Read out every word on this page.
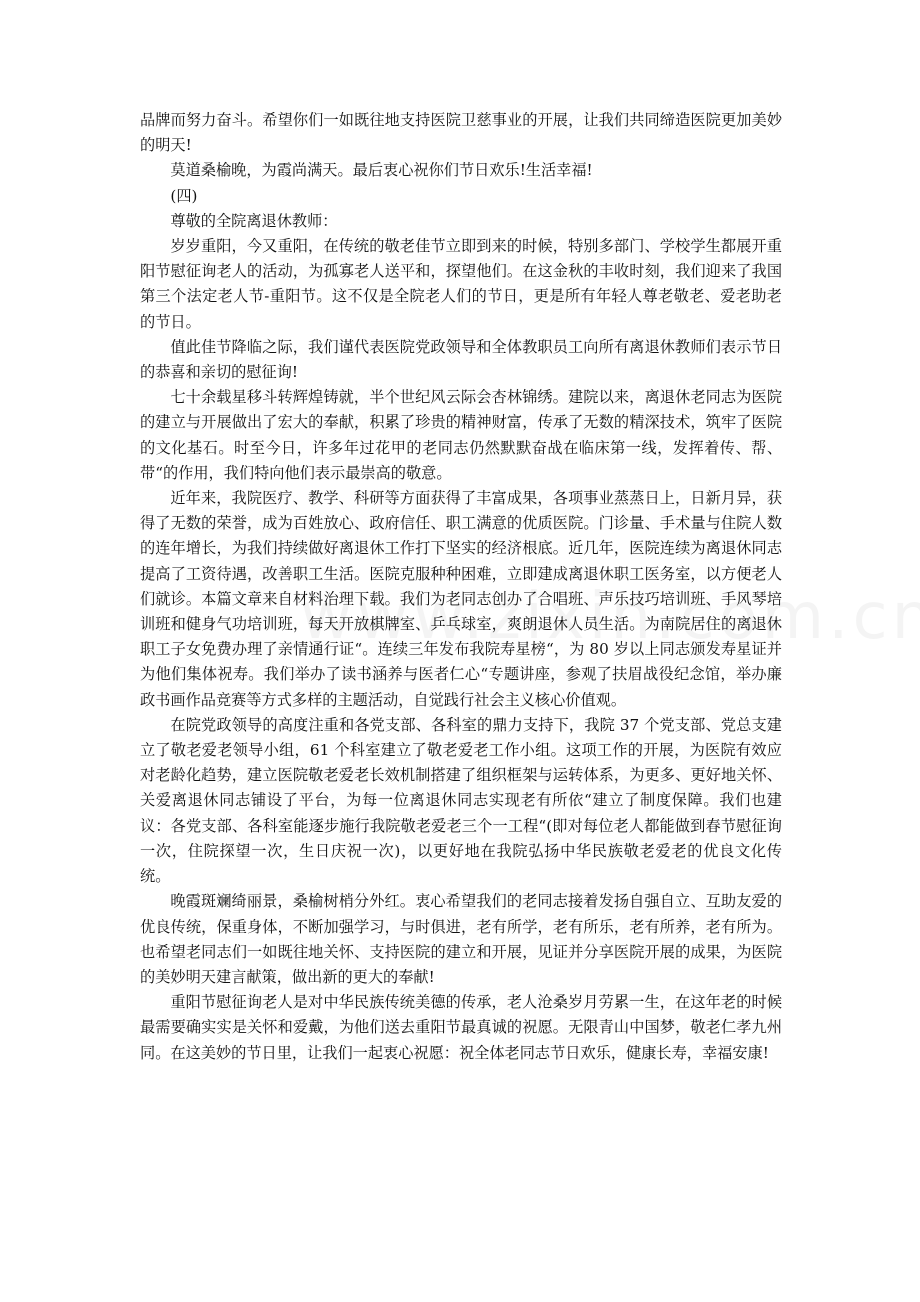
品牌而努力奋斗。希望你们一如既往地支持医院卫慈事业的开展，让我们共同缔造医院更加美妙的明天!

莫道桑榆晚，为霞尚满天。最后衷心祝你们节日欢乐!生活幸福!

(四)

尊敬的全院离退休教师：

岁岁重阳，今又重阳，在传统的敬老佳节立即到来的时候，特别多部门、学校学生都展开重阳节慰征询老人的活动，为孤寡老人送平和，探望他们。在这金秋的丰收时刻，我们迎来了我国第三个法定老人节-重阳节。这不仅是全院老人们的节日，更是所有年轻人尊老敬老、爱老助老的节日。

值此佳节降临之际，我们谨代表医院党政领导和全体教职员工向所有离退休教师们表示节日的恭喜和亲切的慰征询!

七十余载星移斗转辉煌铸就，半个世纪风云际会杏林锦绣。建院以来，离退休老同志为医院的建立与开展做出了宏大的奉献，积累了珍贵的精神财富，传承了无数的精深技术，筑牢了医院的文化基石。时至今日，许多年过花甲的老同志仍然默默奋战在临床第一线，发挥着传、帮、带“的作用，我们特向他们表示最崇高的敬意。

近年来，我院医疗、教学、科研等方面获得了丰富成果，各项事业蒸蒸日上，日新月异，获得了无数的荣誉，成为百姓放心、政府信任、职工满意的优质医院。门诊量、手术量与住院人数的连年增长，为我们持续做好离退休工作打下坚实的经济根底。近几年，医院连续为离退休同志提高了工资待遇，改善职工生活。医院克服种种困难，立即建成离退休职工医务室，以方便老人们就诊。本篇文章来自材料治理下载。我们为老同志创办了合唱班、声乐技巧培训班、手风琴培训班和健身气功培训班，每天开放棋牌室、乒乓球室，爽朗退休人员生活。为南院居住的离退休职工子女免费办理了亲情通行证“。连续三年发布我院寿星榜“，为 80 岁以上同志颁发寿星证并为他们集体祝寿。我们举办了读书涵养与医者仁心“专题讲座，参观了扶眉战役纪念馆，举办廉政书画作品竞赛等方式多样的主题活动，自觉践行社会主义核心价值观。

在院党政领导的高度注重和各党支部、各科室的鼎力支持下，我院 37 个党支部、党总支建立了敬老爱老领导小组，61 个科室建立了敬老爱老工作小组。这项工作的开展，为医院有效应对老龄化趋势，建立医院敬老爱老长效机制搭建了组织框架与运转体系，为更多、更好地关怀、关爱离退休同志铺设了平台，为每一位离退休同志实现老有所依“建立了制度保障。我们也建议：各党支部、各科室能逐步施行我院敬老爱老三个一工程“(即对每位老人都能做到春节慰征询一次，住院探望一次，生日庆祝一次)，以更好地在我院弘扬中华民族敬老爱老的优良文化传统。

晚霞斑斓绮丽景，桑榆树梢分外红。衷心希望我们的老同志接着发扬自强自立、互助友爱的优良传统，保重身体，不断加强学习，与时俱进，老有所学，老有所乐，老有所养，老有所为。也希望老同志们一如既往地关怀、支持医院的建立和开展，见证并分享医院开展的成果，为医院的美妙明天建言献策，做出新的更大的奉献!

重阳节慰征询老人是对中华民族传统美德的传承，老人沧桑岁月劳累一生，在这年老的时候最需要确实实是关怀和爱戴，为他们送去重阳节最真诚的祝愿。无限青山中国梦，敬老仁孝九州同。在这美妙的节日里，让我们一起衷心祝愿：祝全体老同志节日欢乐，健康长寿，幸福安康!
